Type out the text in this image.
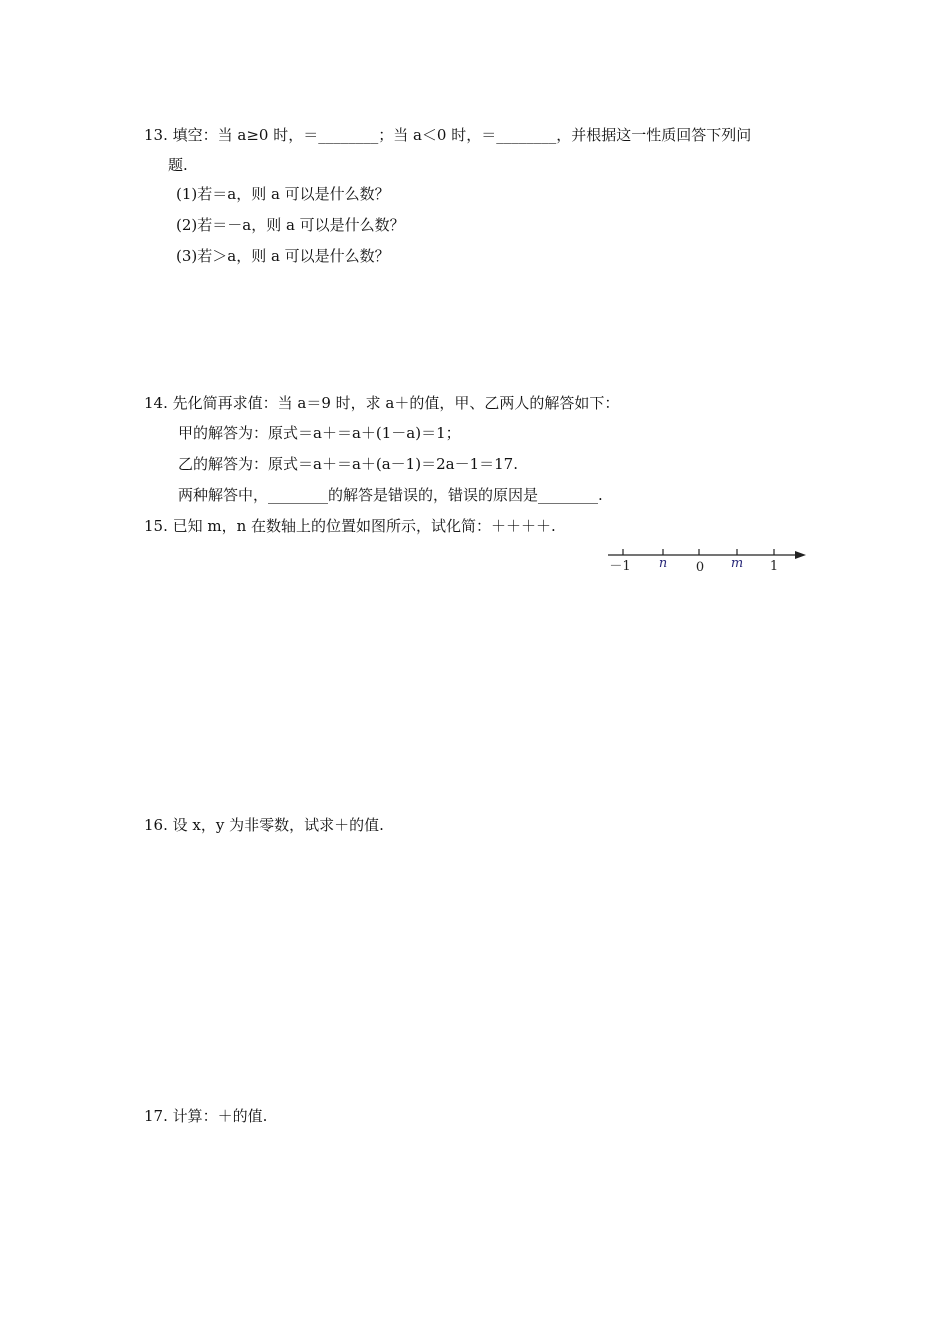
13. 填空：当 a≥0 时，＝________；当 a＜0 时，＝________，并根据这一性质回答下列问
题.
(1)若＝a，则 a 可以是什么数？
(2)若＝－a，则 a 可以是什么数？
(3)若＞a，则 a 可以是什么数？
14. 先化简再求值：当 a＝9 时，求 a＋的值，甲、乙两人的解答如下：
甲的解答为：原式＝a＋＝a＋(1－a)＝1；
乙的解答为：原式＝a＋＝a＋(a－1)＝2a－1＝17.
两种解答中，________的解答是错误的，错误的原因是________.
15. 已知 m，n 在数轴上的位置如图所示，试化简：＋＋＋＋.
－1 n 0 m 1
16. 设 x，y 为非零数，试求＋的值.
17. 计算：＋的值.
